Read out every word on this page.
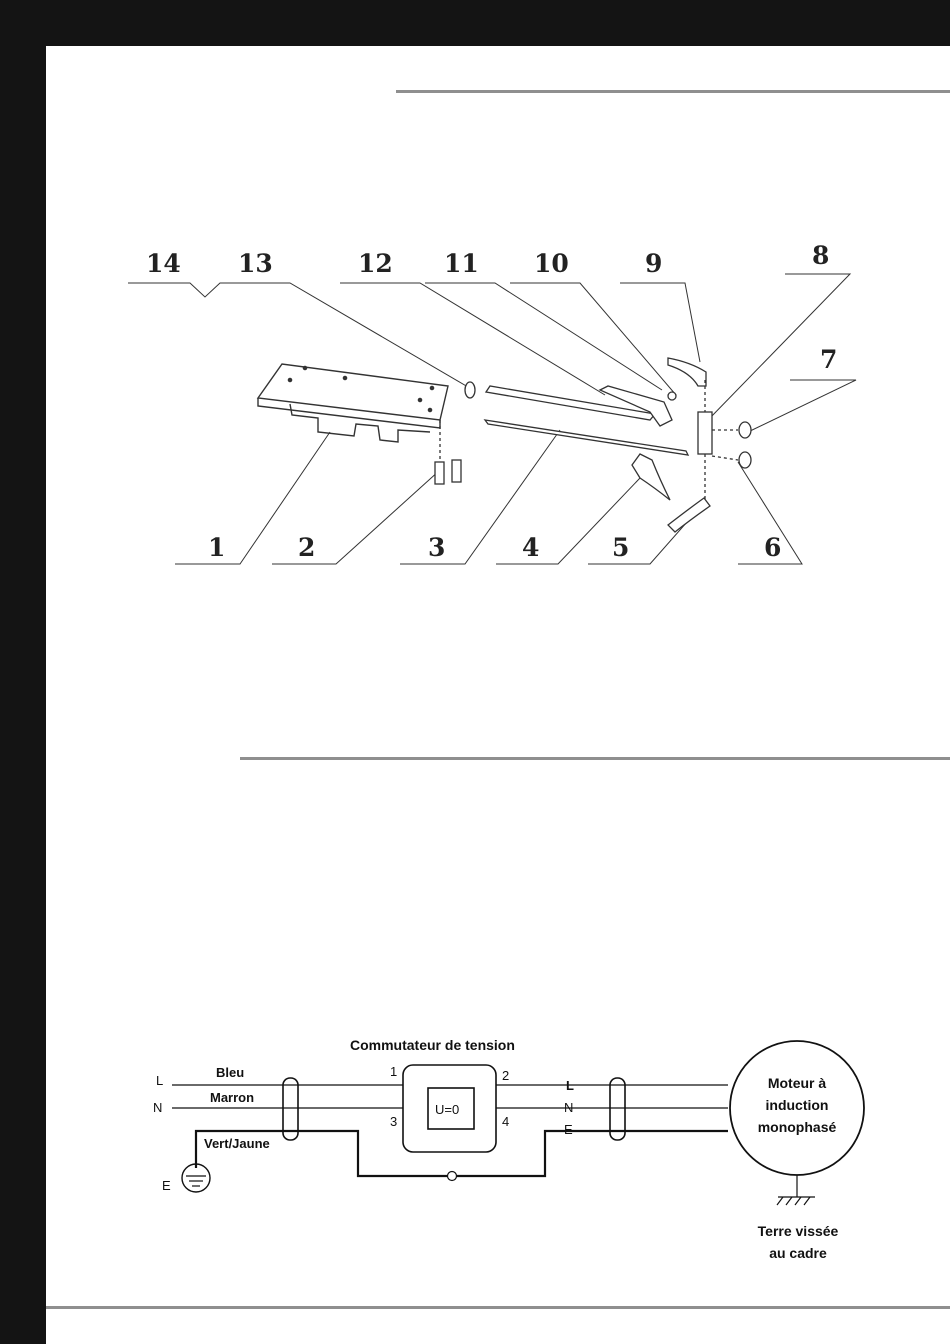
1	2	3	4	5	6
7
8
9
10
11
12
13
14
Commutateur de tension
U=0
1	2
3	4
L
N
E
Bleu
Marron
Vert/Jaune
L
N
E
Moteur à
induction
monophasé
Terre vissée
au cadre
